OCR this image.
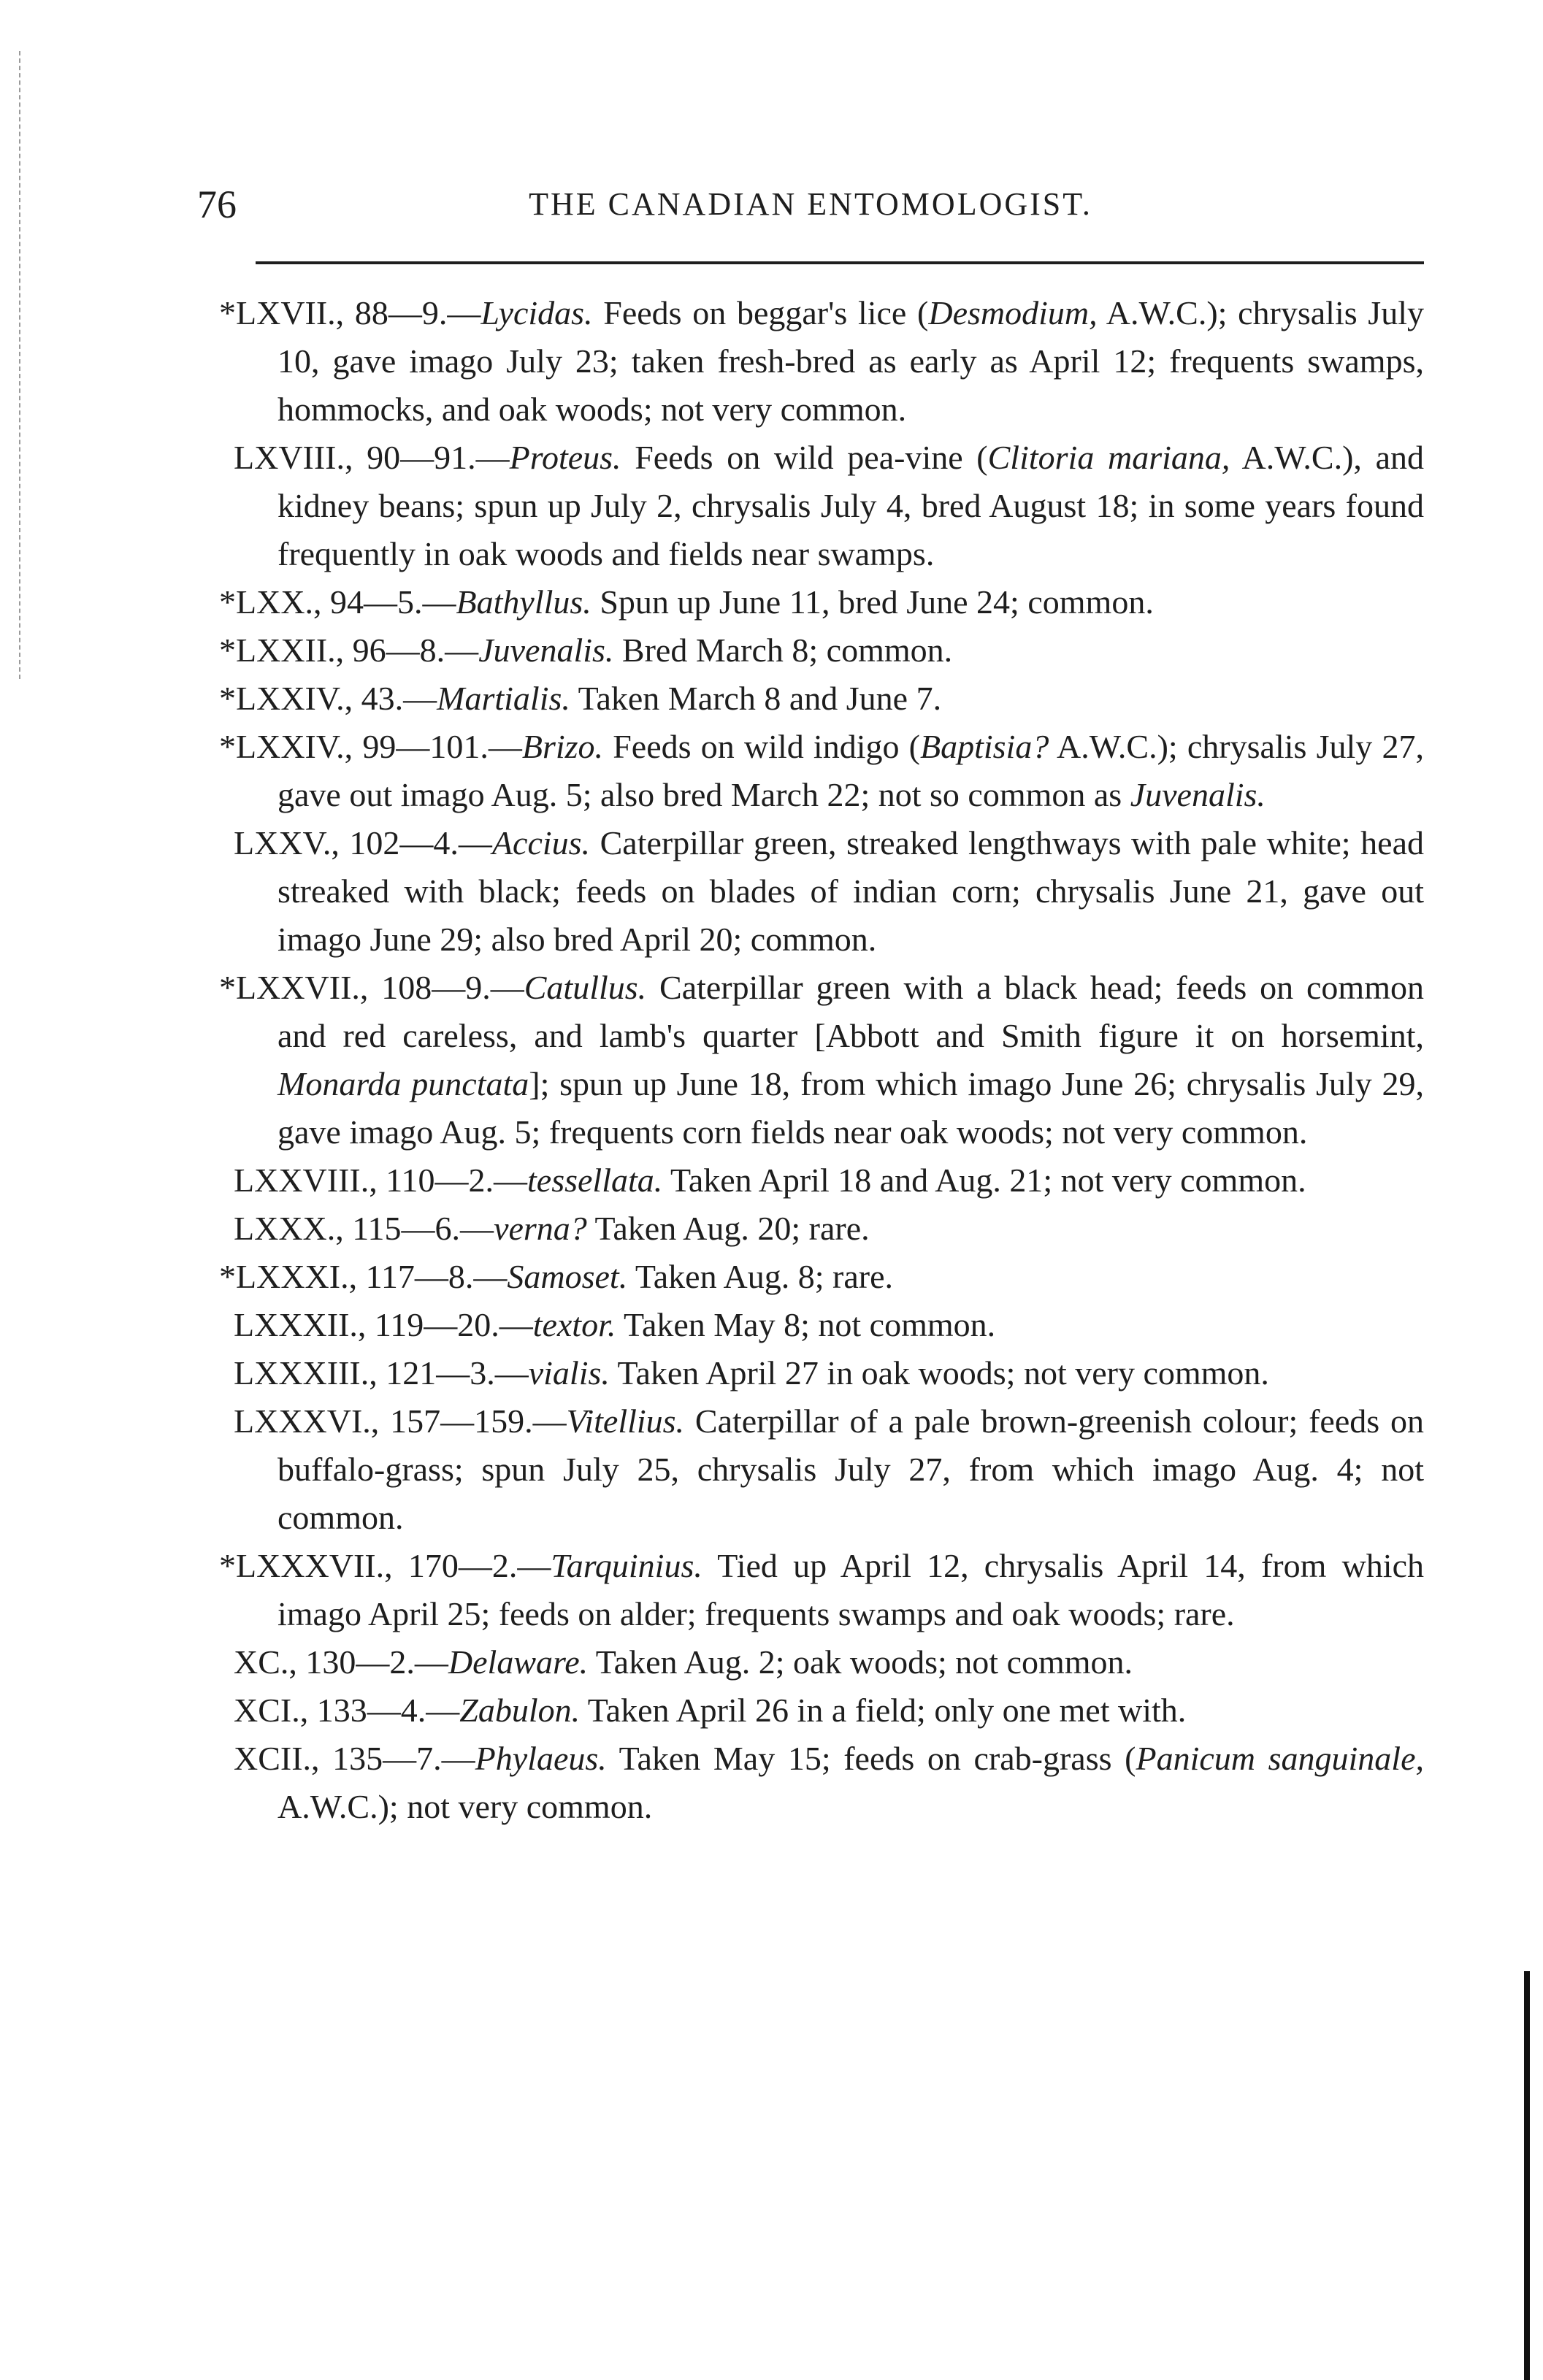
76	THE CANADIAN ENTOMOLOGIST.

*LXVII., 88—9.—Lycidas. Feeds on beggar's lice (Desmodium, A.W.C.); chrysalis July 10, gave imago July 23; taken fresh-bred as early as April 12; frequents swamps, hommocks, and oak woods; not very common.

LXVIII., 90—91.—Proteus. Feeds on wild pea-vine (Clitoria mariana, A.W.C.), and kidney beans; spun up July 2, chrysalis July 4, bred August 18; in some years found frequently in oak woods and fields near swamps.

*LXX., 94—5.—Bathyllus. Spun up June 11, bred June 24; common.

*LXXII., 96—8.—Juvenalis. Bred March 8; common.

*LXXIV., 43.—Martialis. Taken March 8 and June 7.

*LXXIV., 99—101.—Brizo. Feeds on wild indigo (Baptisia? A.W.C.); chrysalis July 27, gave out imago Aug. 5; also bred March 22; not so common as Juvenalis.

LXXV., 102—4.—Accius. Caterpillar green, streaked lengthways with pale white; head streaked with black; feeds on blades of indian corn; chrysalis June 21, gave out imago June 29; also bred April 20; common.

*LXXVII., 108—9.—Catullus. Caterpillar green with a black head; feeds on common and red careless, and lamb's quarter [Abbott and Smith figure it on horsemint, Monarda punctata]; spun up June 18, from which imago June 26; chrysalis July 29, gave imago Aug. 5; frequents corn fields near oak woods; not very common.

LXXVIII., 110—2.—tessellata. Taken April 18 and Aug. 21; not very common.

LXXX., 115—6.—verna? Taken Aug. 20; rare.

*LXXXI., 117—8.—Samoset. Taken Aug. 8; rare.

LXXXII., 119—20.—textor. Taken May 8; not common.

LXXXIII., 121—3.—vialis. Taken April 27 in oak woods; not very common.

LXXXVI., 157—159.—Vitellius. Caterpillar of a pale brown-greenish colour; feeds on buffalo-grass; spun July 25, chrysalis July 27, from which imago Aug. 4; not common.

*LXXXVII., 170—2.—Tarquinius. Tied up April 12, chrysalis April 14, from which imago April 25; feeds on alder; frequents swamps and oak woods; rare.

XC., 130—2.—Delaware. Taken Aug. 2; oak woods; not common.

XCI., 133—4.—Zabulon. Taken April 26 in a field; only one met with.

XCII., 135—7.—Phylaeus. Taken May 15; feeds on crab-grass (Panicum sanguinale, A.W.C.); not very common.
